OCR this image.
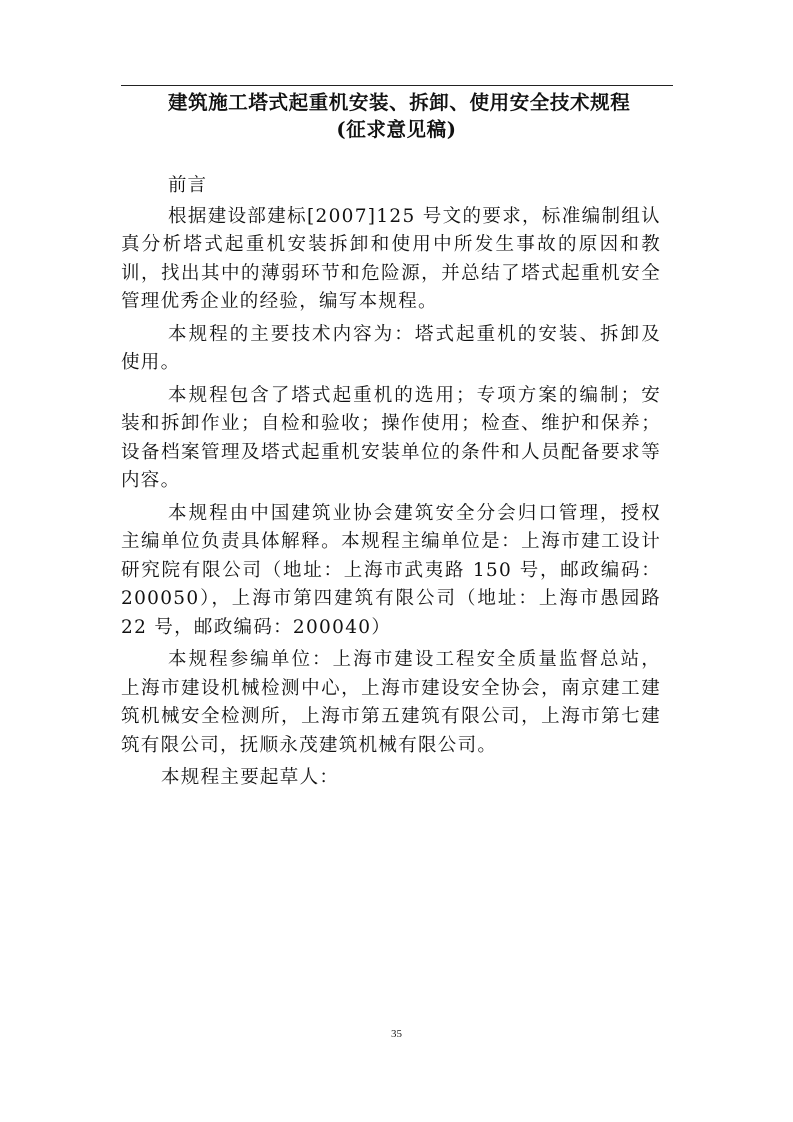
建筑施工塔式起重机安装、拆卸、使用安全技术规程
(征求意见稿)

前言

根据建设部建标[2007]125 号文的要求，标准编制组认真分析塔式起重机安装拆卸和使用中所发生事故的原因和教训，找出其中的薄弱环节和危险源，并总结了塔式起重机安全管理优秀企业的经验，编写本规程。

本规程的主要技术内容为：塔式起重机的安装、拆卸及使用。

本规程包含了塔式起重机的选用；专项方案的编制；安装和拆卸作业；自检和验收；操作使用；检查、维护和保养；设备档案管理及塔式起重机安装单位的条件和人员配备要求等内容。

本规程由中国建筑业协会建筑安全分会归口管理，授权主编单位负责具体解释。本规程主编单位是：上海市建工设计研究院有限公司（地址：上海市武夷路 150 号，邮政编码：200050），上海市第四建筑有限公司（地址：上海市愚园路 22 号，邮政编码：200040）

本规程参编单位：上海市建设工程安全质量监督总站，上海市建设机械检测中心，上海市建设安全协会，南京建工建筑机械安全检测所，上海市第五建筑有限公司，上海市第七建筑有限公司，抚顺永茂建筑机械有限公司。

本规程主要起草人：

35
